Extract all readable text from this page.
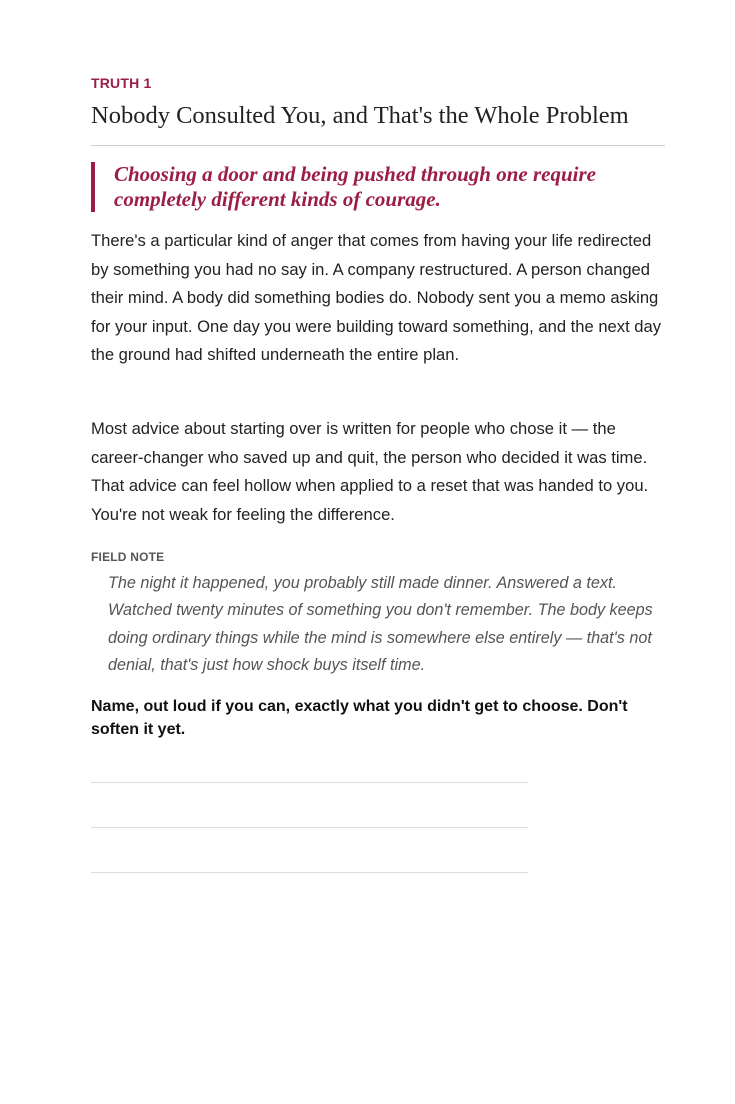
TRUTH 1
Nobody Consulted You, and That's the Whole Problem
Choosing a door and being pushed through one require completely different kinds of courage.

There's a particular kind of anger that comes from having your life redirected by something you had no say in. A company restructured. A person changed their mind. A body did something bodies do. Nobody sent you a memo asking for your input. One day you were building toward something, and the next day the ground had shifted underneath the entire plan.

Most advice about starting over is written for people who chose it — the career-changer who saved up and quit, the person who decided it was time. That advice can feel hollow when applied to a reset that was handed to you. You're not weak for feeling the difference.

FIELD NOTE

The night it happened, you probably still made dinner. Answered a text. Watched twenty minutes of something you don't remember. The body keeps doing ordinary things while the mind is somewhere else entirely — that's not denial, that's just how shock buys itself time.

Name, out loud if you can, exactly what you didn't get to choose. Don't soften it yet.
